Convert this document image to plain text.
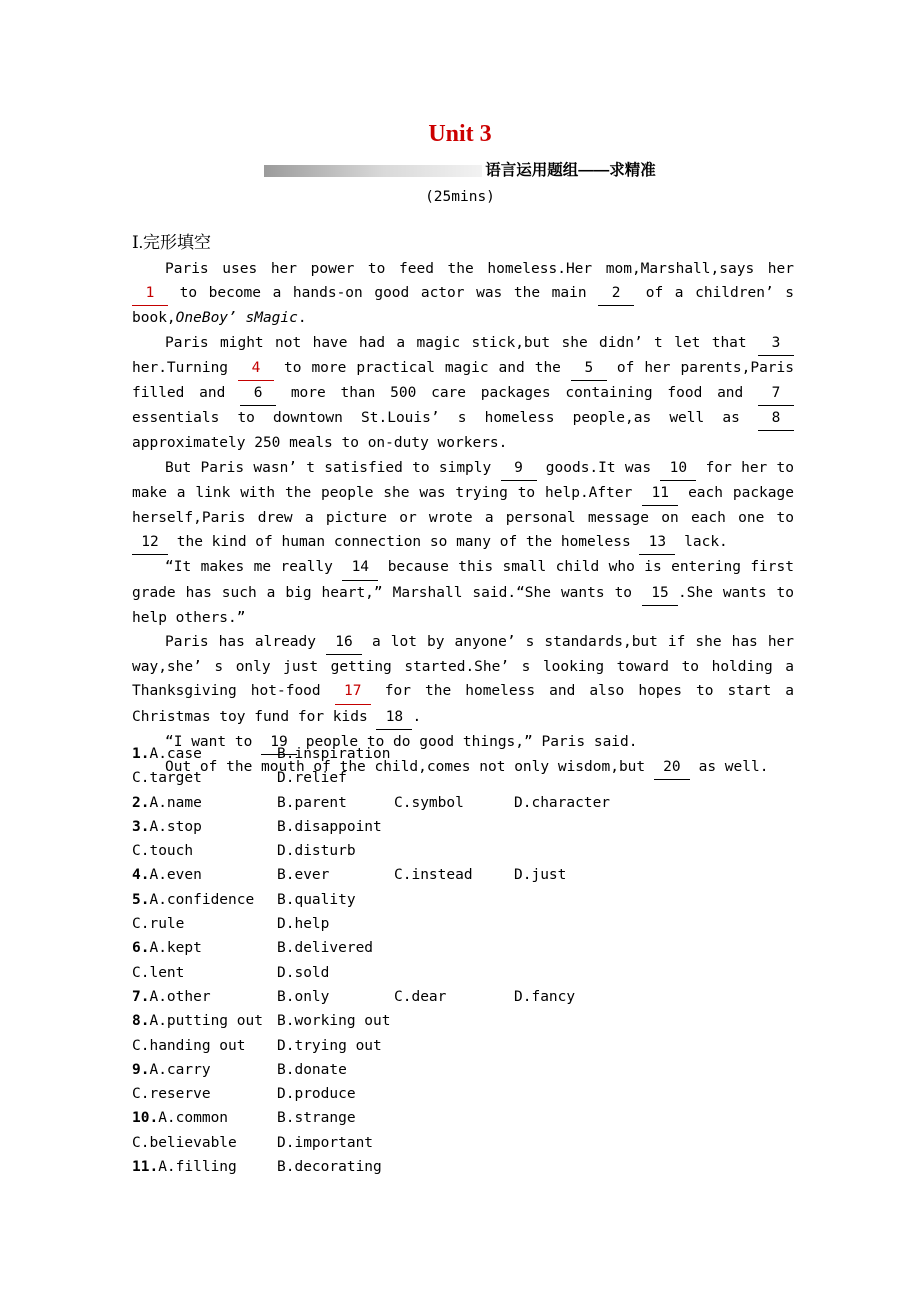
Unit 3
语言运用题组——求精准
(25mins)
Ⅰ.完形填空
Paris uses her power to feed the homeless.Her mom,Marshall,says her 1 to become a hands-on good actor was the main 2 of a children’ s book,OneBoy’ sMagic.
Paris might not have had a magic stick,but she didn’ t let that 3 her.Turning 4 to more practical magic and the 5 of her parents,Paris filled and 6 more than 500 care packages containing food and 7 essentials to downtown St.Louis’ s homeless people,as well as 8 approximately 250 meals to on-duty workers.
But Paris wasn’ t satisfied to simply 9 goods.It was 10 for her to make a link with the people she was trying to help.After 11 each package herself,Paris drew a picture or wrote a personal message on each one to 12 the kind of human connection so many of the homeless 13 lack.
“It makes me really 14 because this small child who is entering first grade has such a big heart,” Marshall said.“She wants to 15 .She wants to help others.”
Paris has already 16 a lot by anyone’ s standards,but if she has her way,she’ s only just getting started.She’ s looking toward to holding a Thanksgiving hot-food 17 for the homeless and also hopes to start a Christmas toy fund for kids 18 .
“I want to 19 people to do good things,” Paris said.
Out of the mouth of the child,comes not only wisdom,but 20 as well.
1.A.case	B.inspiration
C.target	D.relief
2.A.name	B.parent	C.symbol	D.character
3.A.stop	B.disappoint
C.touch	D.disturb
4.A.even	B.ever	C.instead	D.just
5.A.confidence B.quality
C.rule	D.help
6.A.kept	B.delivered
C.lent	D.sold
7.A.other	B.only	C.dear	D.fancy
8.A.putting out B.working out
C.handing out D.trying out
9.A.carry	B.donate
C.reserve	D.produce
10.A.common	B.strange
C.believable	D.important
11.A.filling	B.decorating
